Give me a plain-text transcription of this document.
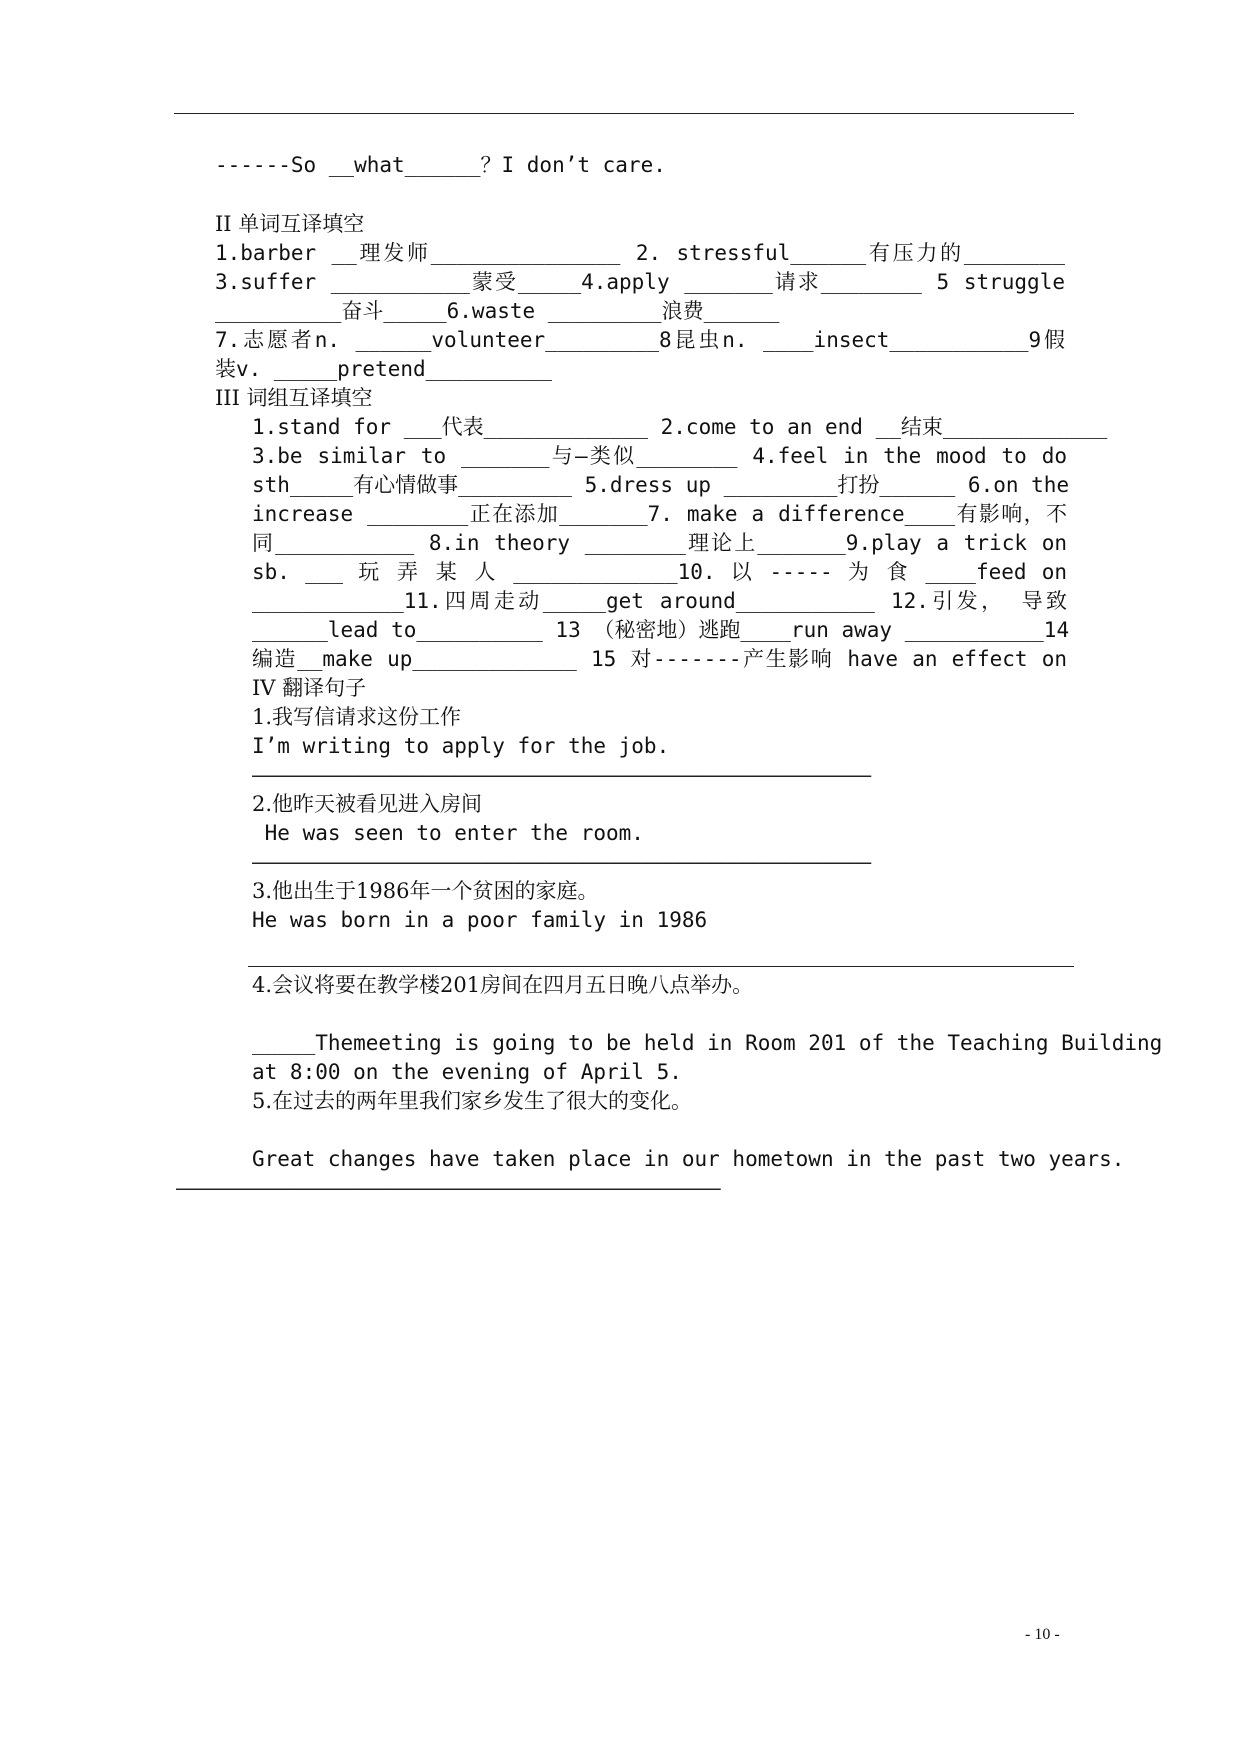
------So __what______？I don’t care.
II 单词互译填空
1.barber __理发师_______________ 2. stressful______有压力的________
3.suffer ___________蒙受_____4.apply _______请求________ 5 struggle
__________奋斗_____6.waste _________浪费______
7.志愿者n. ______volunteer_________8昆虫n. ____insect___________9假
装v. _____pretend__________
III 词组互译填空
1.stand for ___代表_____________ 2.come to an end __结束_____________
3.be similar to _______与—类似________ 4.feel in the mood to do
sth_____有心情做事_________ 5.dress up _________打扮______ 6.on the
increase ________正在添加_______7. make a difference____有影响，不
同___________ 8.in theory ________理论上_______9.play a trick on
sb. ___ 玩 弄 某 人 _____________10. 以 ----- 为 食 ____feed on
____________11.四周走动_____get around___________ 12.引发， 导致
______lead to__________ 13 （秘密地）逃跑____run away ___________14
编造__make up_____________ 15 对-------产生影响 have an effect on
IV 翻译句子
1.我写信请求这份工作
I’m writing to apply for the job.
——————————————————————————————————————————————————————————
2.他昨天被看见进入房间
He was seen to enter the room.
——————————————————————————————————————————————————————————
3.他出生于1986年一个贫困的家庭。
He was born in a poor family in 1986
4.会议将要在教学楼201房间在四月五日晚八点举办。
_____Themeeting is going to be held in Room 201 of the Teaching Building
at 8:00 on the evening of April 5.
5.在过去的两年里我们家乡发生了很大的变化。
Great changes have taken place in our hometown in the past two years.
———————————————————————————————————————————————————
- 10 -
